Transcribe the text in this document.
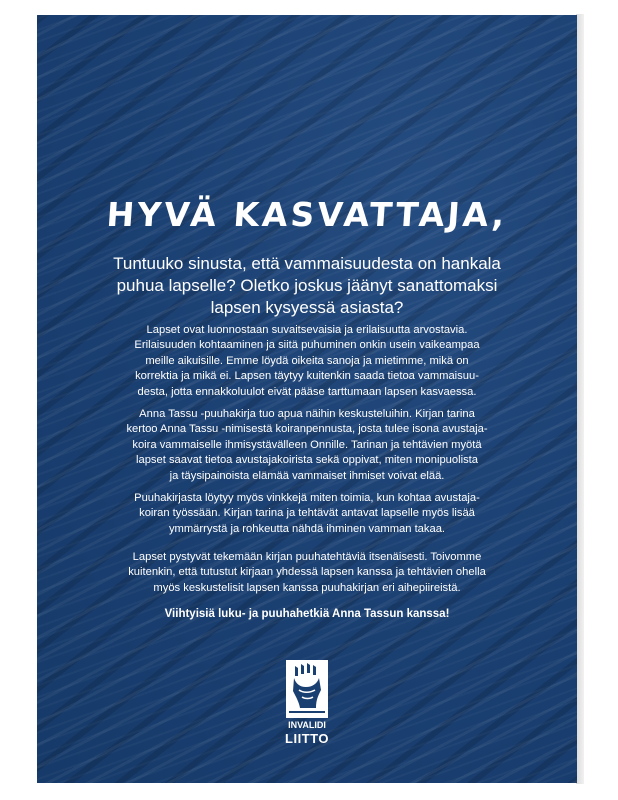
HYVÄ KASVATTAJA,
Tuntuuko sinusta, että vammaisuudesta on hankala
puhua lapselle? Oletko joskus jäänyt sanattomaksi
lapsen kysyessä asiasta?
Lapset ovat luonnostaan suvaitsevaisia ja erilaisuutta arvostavia.
Erilaisuuden kohtaaminen ja siitä puhuminen onkin usein vaikeampaa
meille aikuisille. Emme löydä oikeita sanoja ja mietimme, mikä on
korrektia ja mikä ei. Lapsen täytyy kuitenkin saada tietoa vammaisuu-
desta, jotta ennakkoluulot eivät pääse tarttumaan lapsen kasvaessa.
Anna Tassu -puuhakirja tuo apua näihin keskusteluihin. Kirjan tarina
kertoo Anna Tassu -nimisestä koiranpennusta, josta tulee isona avustaja-
koira vammaiselle ihmisystävälleen Onnille. Tarinan ja tehtävien myötä
lapset saavat tietoa avustajakoirista sekä oppivat, miten monipuolista
ja täysipainoista elämää vammaiset ihmiset voivat elää.
Puuhakirjasta löytyy myös vinkkejä miten toimia, kun kohtaa avustaja-
koiran työssään. Kirjan tarina ja tehtävät antavat lapselle myös lisää
ymmärrystä ja rohkeutta nähdä ihminen vamman takaa.
Lapset pystyvät tekemään kirjan puuhatehtäviä itsenäisesti. Toivomme
kuitenkin, että tutustut kirjaan yhdessä lapsen kanssa ja tehtävien ohella
myös keskustelisit lapsen kanssa puuhakirjan eri aihepiireistä.
Viihtyisiä luku- ja puuhahetkiä Anna Tassun kanssa!
INVALIDI
LIITTO
